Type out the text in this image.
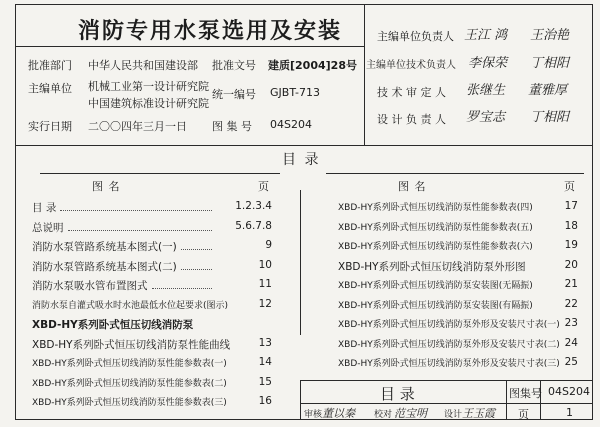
消防专用水泵选用及安装
批准部门 中华人民共和国建设部 批准文号 建质[2004]28号
主编单位 机械工业第一设计研究院
中国建筑标准设计研究院
统一编号 GJBT-713
实行日期 二〇〇四年三月一日 图 集 号 04S204
主编单位负责人 王江 鸿 王治艳
主编单位技术负责人 李保荣 丁相阳
技 术 审 定 人 张继生 董雅厚
设 计 负 责 人 罗宝志 丁相阳
目 录
图 名	页	图 名	页
目 录	1.2.3.4
总说明	5.6.7.8
消防水泵管路系统基本图式(一)	9
消防水泵管路系统基本图式(二)	10
消防水泵吸水管布置图式	11
消防水泵自灌式吸水时水池最低水位起要求(图示)	12
XBD-HY系列卧式恒压切线消防泵
XBD-HY系列卧式恒压切线消防泵性能曲线	13
XBD-HY系列卧式恒压切线消防泵性能参数表(一)	14
XBD-HY系列卧式恒压切线消防泵性能参数表(二)	15
XBD-HY系列卧式恒压切线消防泵性能参数表(三)	16
XBD-HY系列卧式恒压切线消防泵性能参数表(四)	17
XBD-HY系列卧式恒压切线消防泵性能参数表(五)	18
XBD-HY系列卧式恒压切线消防泵性能参数表(六)	19
XBD-HY系列卧式恒压切线消防泵外形图	20
XBD-HY系列卧式恒压切线消防泵安装图(无隔振)	21
XBD-HY系列卧式恒压切线消防泵安装图(有隔振)	22
XBD-HY系列卧式恒压切线消防泵外形及安装尺寸表(一) 23
XBD-HY系列卧式恒压切线消防泵外形及安装尺寸表(二) 24
XBD-HY系列卧式恒压切线消防泵外形及安装尺寸表(三) 25
目 录	图集号 04S204
审核 董以秦 校对 范宝明 设计 王玉霞 页	1
